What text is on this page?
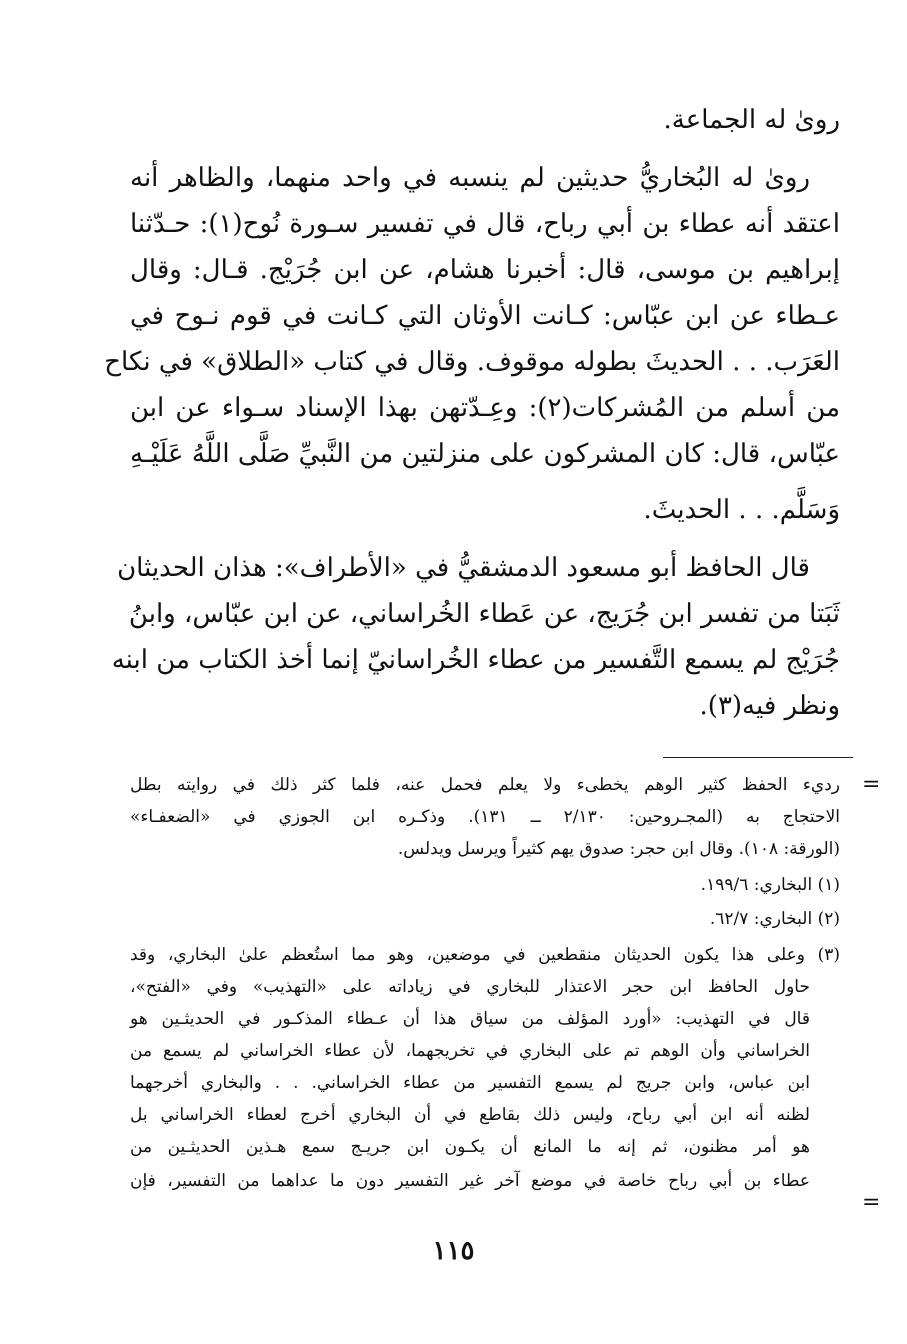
رویٰ له الجماعة.
رویٰ له البُخاريُّ حديثين لم ينسبه في واحد منهما، والظاهر أنه
اعتقد أنه عطاء بن أبي رباح، قال في تفسير سـورة نُوح(١): حـدّثنا
إبراهيم بن موسى، قال: أخبرنا هشام، عن ابن جُرَيْج. قـال: وقال
عـطاء عن ابن عبّاس: كـانت الأوثان التي كـانت في قوم نـوح في
العَرَب. . . الحديثَ بطوله موقوف. وقال في كتاب «الطلاق» في نكاح
من أسلم من المُشركات(٢): وعِـدّتهن بهذا الإسناد سـواء عن ابن
عبّاس، قال: كان المشركون على منزلتين من النَّبيِّ صَلَّى اللَّهُ عَلَيْـهِ
وَسَلَّم. . . الحديثَ.
قال الحافظ أبو مسعود الدمشقيُّ في «الأطراف»: هذان الحديثان
ثَبَتا من تفسر ابن جُرَيج، عن عَطاء الخُراساني، عن ابن عبّاس، وابنُ
جُرَيْج لم يسمع التَّفسير من عطاء الخُراسانيّ إنما أخذ الكتاب من ابنه
ونظر فيه(٣).
=
=
رديء الحفظ كثير الوهم يخطىء ولا يعلم فحمل عنه، فلما كثر ذلك في روايته بطل
الاحتجاج به (المجـروحين: ٢/١٣٠ ــ ١٣١). وذكـره ابن الجوزي في «الضعفـاء»
(الورقة: ١٠٨). وقال ابن حجر: صدوق يهم كثيراً ويرسل ويدلس.
(١) البخاري: ١٩٩/٦.
(٢) البخاري: ٦٢/٧.
(٣) وعلى هذا يكون الحديثان منقطعين في موضعين، وهو مما استُعظم علىٰ البخاري، وقد
حاول الحافظ ابن حجر الاعتذار للبخاري في زياداته على «التهذيب» وفي «الفتح»،
قال في التهذيب: «أورد المؤلف من سياق هذا أن عـطاء المذكـور في الحديثـين هو
الخراساني وأن الوهم تم على البخاري في تخريجهما، لأن عطاء الخراساني لم يسمع من
ابن عباس، وابن جريج لم يسمع التفسير من عطاء الخراساني. . . والبخاري أخرجهما
لظنه أنه ابن أبي رباح، وليس ذلك بقاطع في أن البخاري أخرج لعطاء الخراساني بل
هو أمر مظنون، ثم إنه ما المانع أن يكـون ابن جريـج سمع هـذين الحديثـين من
عطاء بن أبي رباح خاصة في موضع آخر غير التفسير دون ما عداهما من التفسير، فإن
١١٥
